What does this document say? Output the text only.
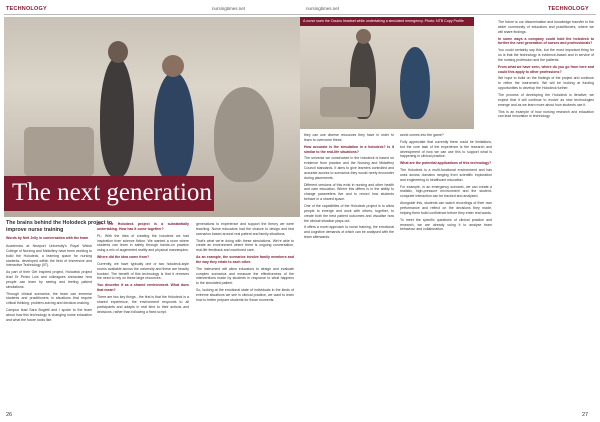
TECHNOLOGY	nursingtimes.net
The next generation
The brains behind the Holodeck project to improve nurse training
Words by Neil Jelly in conversation with the team

Academics at Newport University's Royal Welsh College of Nursing and Midwifery have been working to build the Holodeck, a learning space for nursing students, developed within the field of Immersive and Interactive Technology (IIT).

As part of their Get Inspired project, Holodeck project lead Dr Pedro Luis and colleagues showcase how people can learn by seeing and feeling patient simulations.

Through clinical scenarios, the team can immerse students and practitioners in situations that require critical thinking, problem-solving and decision-making.

Campus lead Sara Bogetti and I spoke to the team about how this technology is changing nurse education and what the future looks like.

CF: The Holodeck project is a substantially undertaking. How has it come together?

PL: With the idea of creating the holodeck we had inspiration from science fiction. We wanted a room where students can learn in safety through hands-on practice using a mix of augmented reality and physical mannequins.

Where did the idea come from?

Currently, we have typically one or two holodeck-style rooms available across the university and these are heavily booked. The benefit of this technology is that it removes the need to rely on these large resources.

You describe it as a shared environment. What does that mean?

There are two key things - the first is that the Holodeck is a shared experience, the environment responds to all participants and adapts in real time to their actions and decisions, rather than following a fixed script.

generations to experience and support the theory we were teaching. Nurse educators had the chance to design and test scenarios based around real patient and family situations.

That's what we're doing with these simulations. We're able to create an environment where there is ongoing conversation, real-life feedback and monitored care.

As an example, the scenarios involve family members and the way they relate to each other.

The instrument will allow educators to design and evaluate complex scenarios and measure the effectiveness of the interventions made by students in response to what happens to the simulated patient.

So, looking at the emotional state of individuals in the kinds of extreme situations we see in clinical practice, we want to learn how to better prepare students for those moments.

26
nursingtimes.net	TECHNOLOGY
A nurse uses the Oculus headset while undertaking a simulated emergency. Photo: NTB Copy Profile

they can use diverse resources they have in order to learn to overcome these.

How accurate is the simulation in a holodeck? Is it similar to the real-life situations?

The universe we constructed in the holodeck is based on evidence from practice and the Nursing and Midwifery Council standards. It aims to give learners controlled and accurate access to scenarios they would rarely encounter during placements.

Different versions of this exist in nursing and other health and care education. Where this differs is in the ability to change parameters live and to record how students behave in a shared space.

One of the capabilities of the Holodeck project is to allow people to emerge and work with others, together, to create both the best patient outcomes and visualise how the clinical situation plays out.

It offers a novel approach to nurse training, the emotional and cognitive demands of which can be analysed with the team afterwards.

world comes into the game?

Fully appreciate that currently there could be limitations, but the core task of the experience is the research and development of how we can use this to support what is happening in clinical practice.

What are the potential applications of this technology?

The Holodeck is a multi-functional environment and has uses across domains ranging from scientific exploration and engineering to healthcare education.

For example, in an emergency scenario, we can create a realistic, high-pressure environment and the student-computer interaction can be tracked and analysed.

Alongside this, students can watch recordings of their own performance and reflect on the decisions they made, helping them build confidence before they enter real wards.

To meet the specific questions of clinical practice and research, we are already using it to analyse team behaviour and collaboration.

The future is our dissemination and knowledge transfer to the wider community of educators and practitioners, where we will share findings.

In some ways a company could hold the holodeck to further the next generation of nurses and professionals?

You could certainly say this, but the most important thing for us is that the technology is evidence-based and in service of the nursing profession and the patients.

From what we have seen, where do you go from here and could this apply to other professions?

We hope to build on the findings of the project and continue to refine the instrument. We will be looking at funding opportunities to develop the Holodeck further.

The process of developing the Holodeck is iterative; we expect that it will continue to evolve as new technologies emerge and as we learn more about how students use it.

This is an example of how nursing research and education can lead innovation in technology.

27
